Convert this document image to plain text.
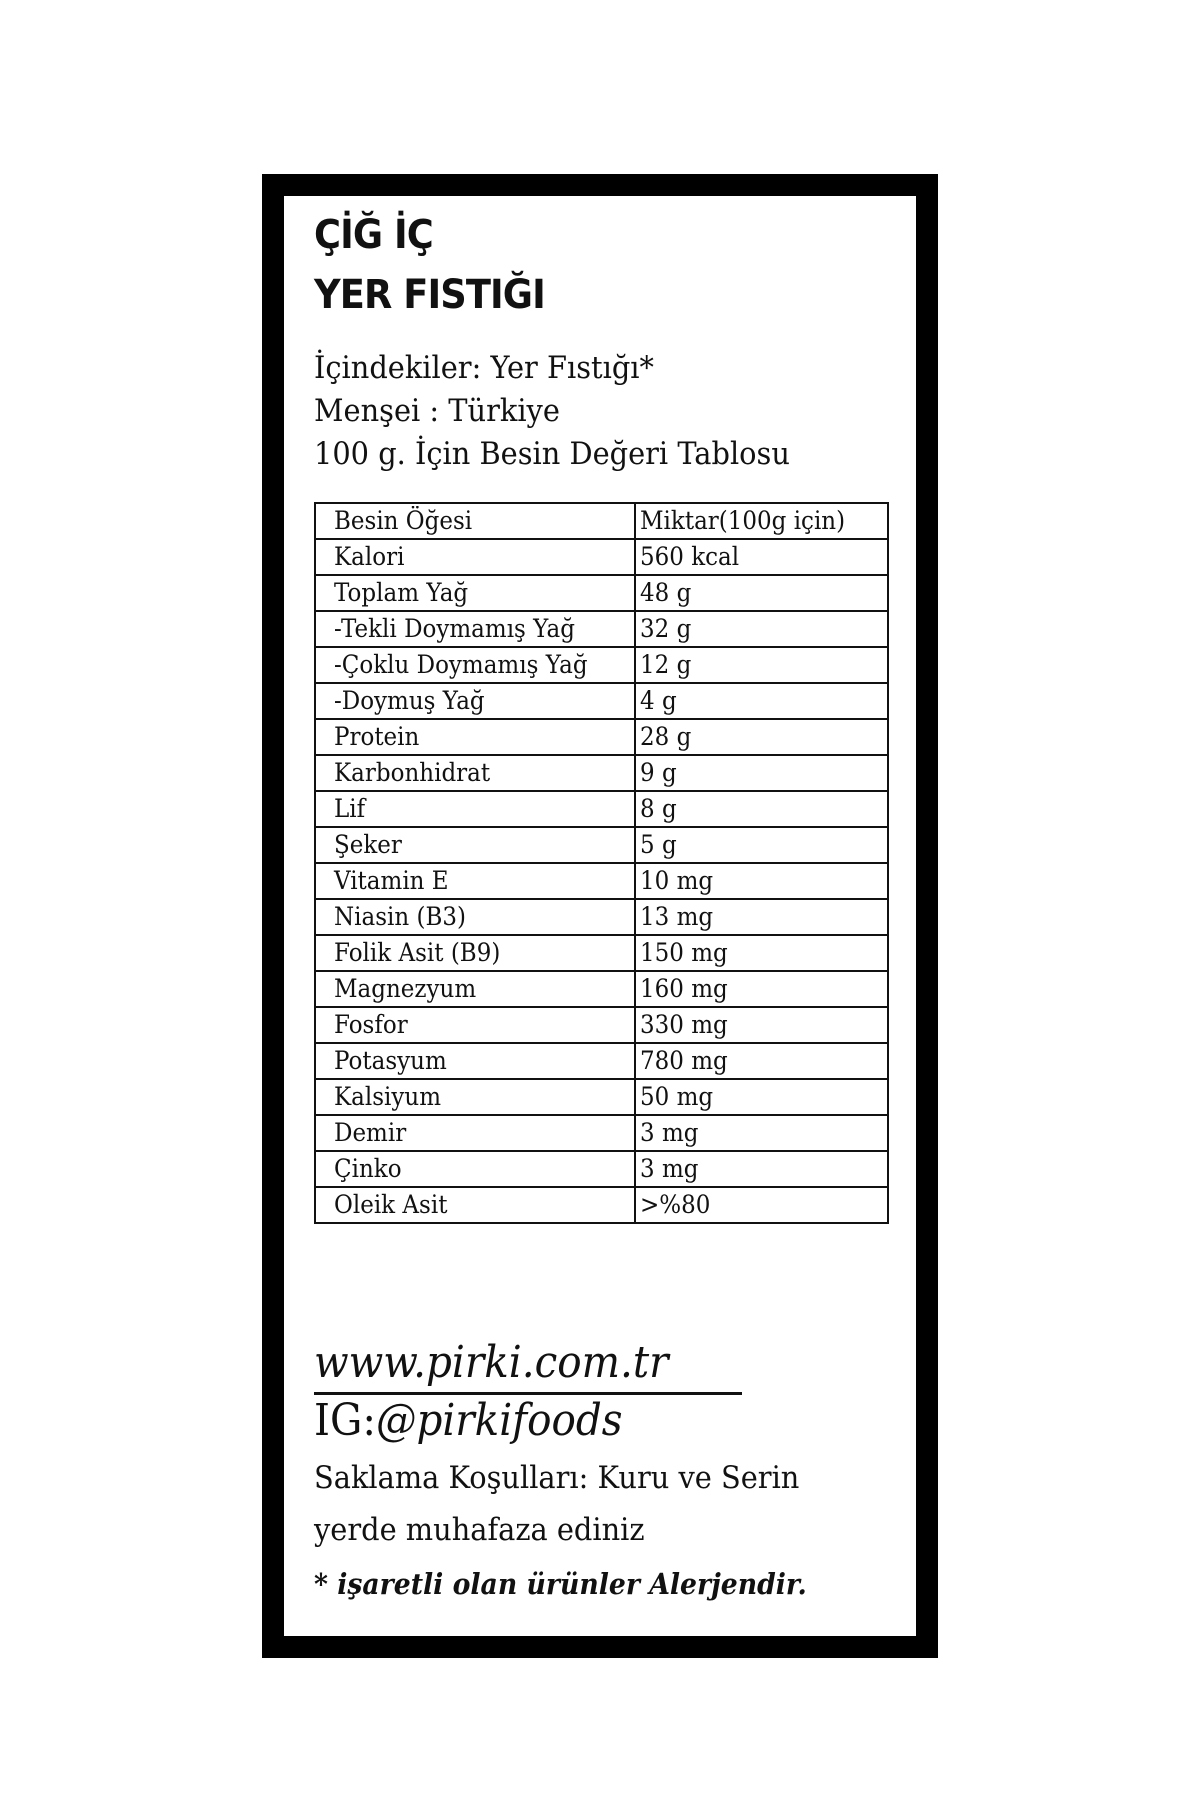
ÇİĞ İÇ
YER FISTIĞI
İçindekiler: Yer Fıstığı*
Menşei : Türkiye
100 g. İçin Besin Değeri Tablosu
Besin Öğesi	Miktar(100g için)
Kalori	560 kcal
Toplam Yağ	48 g
-Tekli Doymamış Yağ	32 g
-Çoklu Doymamış Yağ	12 g
-Doymuş Yağ	4 g
Protein	28 g
Karbonhidrat	9 g
Lif	8 g
Şeker	5 g
Vitamin E	10 mg
Niasin (B3)	13 mg
Folik Asit (B9)	150 mg
Magnezyum	160 mg
Fosfor	330 mg
Potasyum	780 mg
Kalsiyum	50 mg
Demir	3 mg
Çinko	3 mg
Oleik Asit	>%80
www.pirki.com.tr
IG:@pirkifoods
Saklama Koşulları: Kuru ve Serin
yerde muhafaza ediniz
* işaretli olan ürünler Alerjendir.
